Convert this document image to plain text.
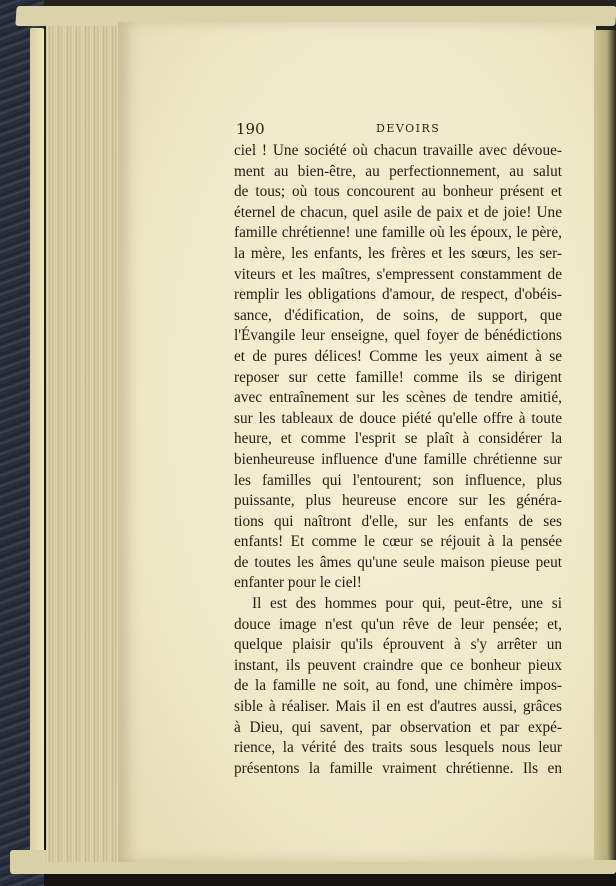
190	DEVOIRS
ciel ! Une société où chacun travaille avec dévoue-
ment au bien-être, au perfectionnement, au salut
de tous; où tous concourent au bonheur présent et
éternel de chacun, quel asile de paix et de joie! Une
famille chrétienne! une famille où les époux, le père,
la mère, les enfants, les frères et les sœurs, les ser-
viteurs et les maîtres, s'empressent constamment de
remplir les obligations d'amour, de respect, d'obéis-
sance, d'édification, de soins, de support, que
l'Évangile leur enseigne, quel foyer de bénédictions
et de pures délices! Comme les yeux aiment à se
reposer sur cette famille! comme ils se dirigent
avec entraînement sur les scènes de tendre amitié,
sur les tableaux de douce piété qu'elle offre à toute
heure, et comme l'esprit se plaît à considérer la
bienheureuse influence d'une famille chrétienne sur
les familles qui l'entourent; son influence, plus
puissante, plus heureuse encore sur les généra-
tions qui naîtront d'elle, sur les enfants de ses
enfants! Et comme le cœur se réjouit à la pensée
de toutes les âmes qu'une seule maison pieuse peut
enfanter pour le ciel!
Il est des hommes pour qui, peut-être, une si
douce image n'est qu'un rêve de leur pensée; et,
quelque plaisir qu'ils éprouvent à s'y arrêter un
instant, ils peuvent craindre que ce bonheur pieux
de la famille ne soit, au fond, une chimère impos-
sible à réaliser. Mais il en est d'autres aussi, grâces
à Dieu, qui savent, par observation et par expé-
rience, la vérité des traits sous lesquels nous leur
présentons la famille vraiment chrétienne. Ils en
